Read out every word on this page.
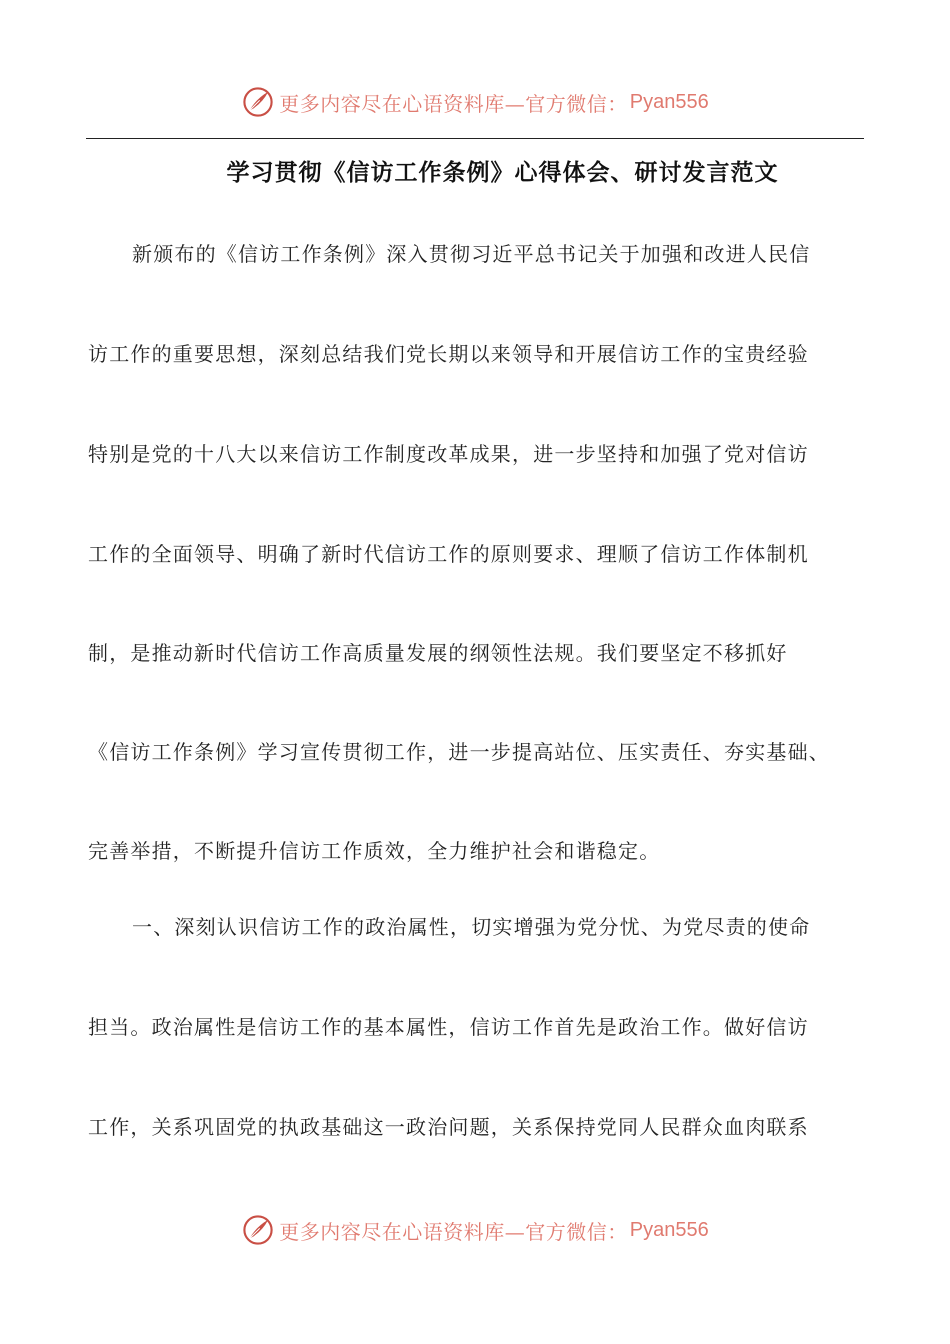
更多内容尽在心语资料库—官方微信： Pyan556
学习贯彻《信访工作条例》心得体会、研讨发言范文
新颁布的《信访工作条例》深入贯彻习近平总书记关于加强和改进人民信
访工作的重要思想，深刻总结我们党长期以来领导和开展信访工作的宝贵经验
特别是党的十八大以来信访工作制度改革成果，进一步坚持和加强了党对信访
工作的全面领导、明确了新时代信访工作的原则要求、理顺了信访工作体制机
制，是推动新时代信访工作高质量发展的纲领性法规。我们要坚定不移抓好
《信访工作条例》学习宣传贯彻工作，进一步提高站位、压实责任、夯实基础、
完善举措，不断提升信访工作质效，全力维护社会和谐稳定。
一、深刻认识信访工作的政治属性，切实增强为党分忧、为党尽责的使命
担当。政治属性是信访工作的基本属性，信访工作首先是政治工作。做好信访
工作，关系巩固党的执政基础这一政治问题，关系保持党同人民群众血肉联系
更多内容尽在心语资料库—官方微信： Pyan556
